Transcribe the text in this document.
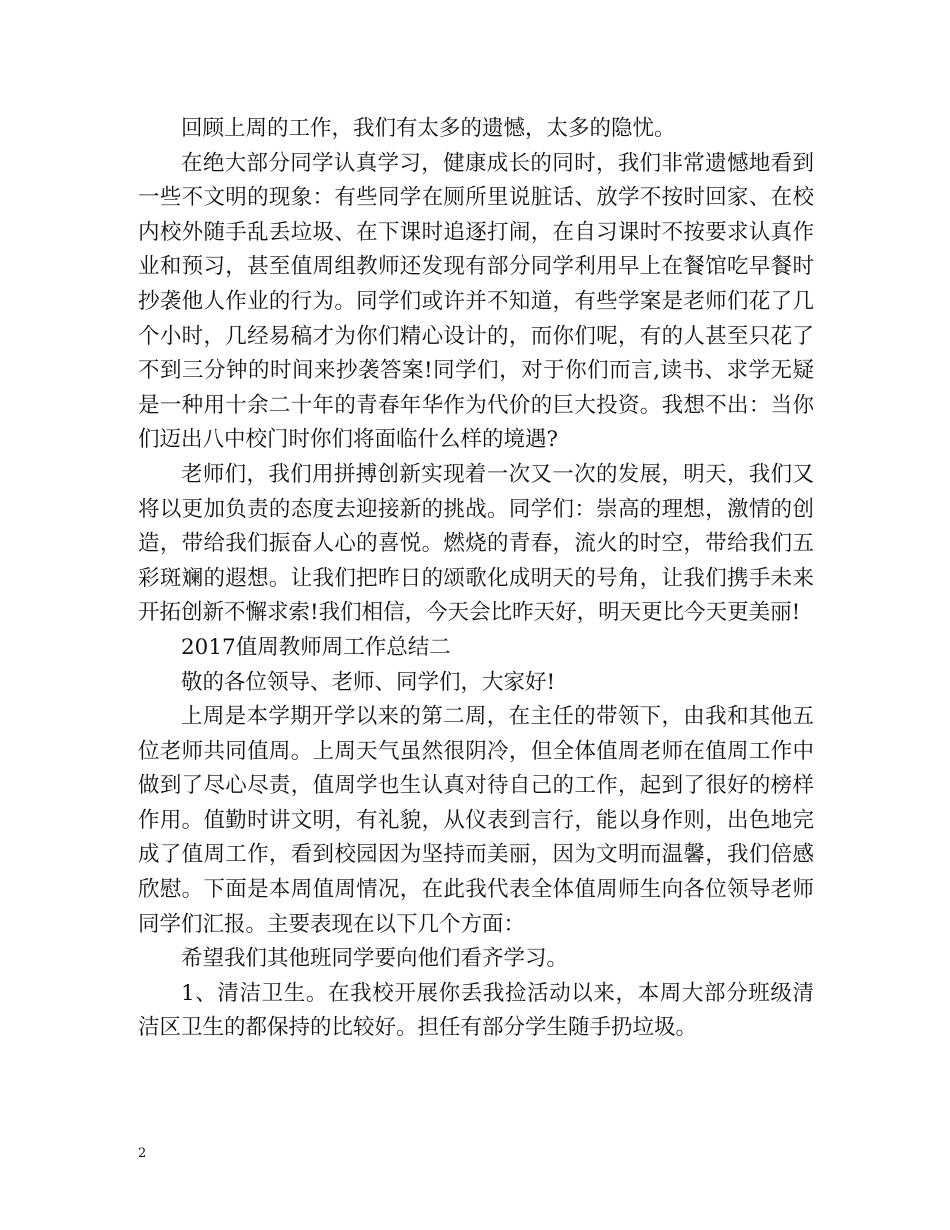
回顾上周的工作，我们有太多的遗憾，太多的隐忧。

在绝大部分同学认真学习，健康成长的同时，我们非常遗憾地看到一些不文明的现象：有些同学在厕所里说脏话、放学不按时回家、在校内校外随手乱丢垃圾、在下课时追逐打闹，在自习课时不按要求认真作业和预习，甚至值周组教师还发现有部分同学利用早上在餐馆吃早餐时抄袭他人作业的行为。同学们或许并不知道，有些学案是老师们花了几个小时，几经易稿才为你们精心设计的，而你们呢，有的人甚至只花了不到三分钟的时间来抄袭答案!同学们，对于你们而言,读书、求学无疑是一种用十余二十年的青春年华作为代价的巨大投资。我想不出：当你们迈出八中校门时你们将面临什么样的境遇?

老师们，我们用拼搏创新实现着一次又一次的发展，明天，我们又将以更加负责的态度去迎接新的挑战。同学们：崇高的理想，激情的创造，带给我们振奋人心的喜悦。燃烧的青春，流火的时空，带给我们五彩斑斓的遐想。让我们把昨日的颂歌化成明天的号角，让我们携手未来开拓创新不懈求索!我们相信，今天会比昨天好，明天更比今天更美丽!

2017值周教师周工作总结二

敬的各位领导、老师、同学们，大家好!

上周是本学期开学以来的第二周，在主任的带领下，由我和其他五位老师共同值周。上周天气虽然很阴冷，但全体值周老师在值周工作中做到了尽心尽责，值周学也生认真对待自己的工作，起到了很好的榜样作用。值勤时讲文明，有礼貌，从仪表到言行，能以身作则，出色地完成了值周工作，看到校园因为坚持而美丽，因为文明而温馨，我们倍感欣慰。下面是本周值周情况，在此我代表全体值周师生向各位领导老师同学们汇报。主要表现在以下几个方面：

希望我们其他班同学要向他们看齐学习。

1、清洁卫生。在我校开展你丢我捡活动以来，本周大部分班级清洁区卫生的都保持的比较好。担任有部分学生随手扔垃圾。

2
